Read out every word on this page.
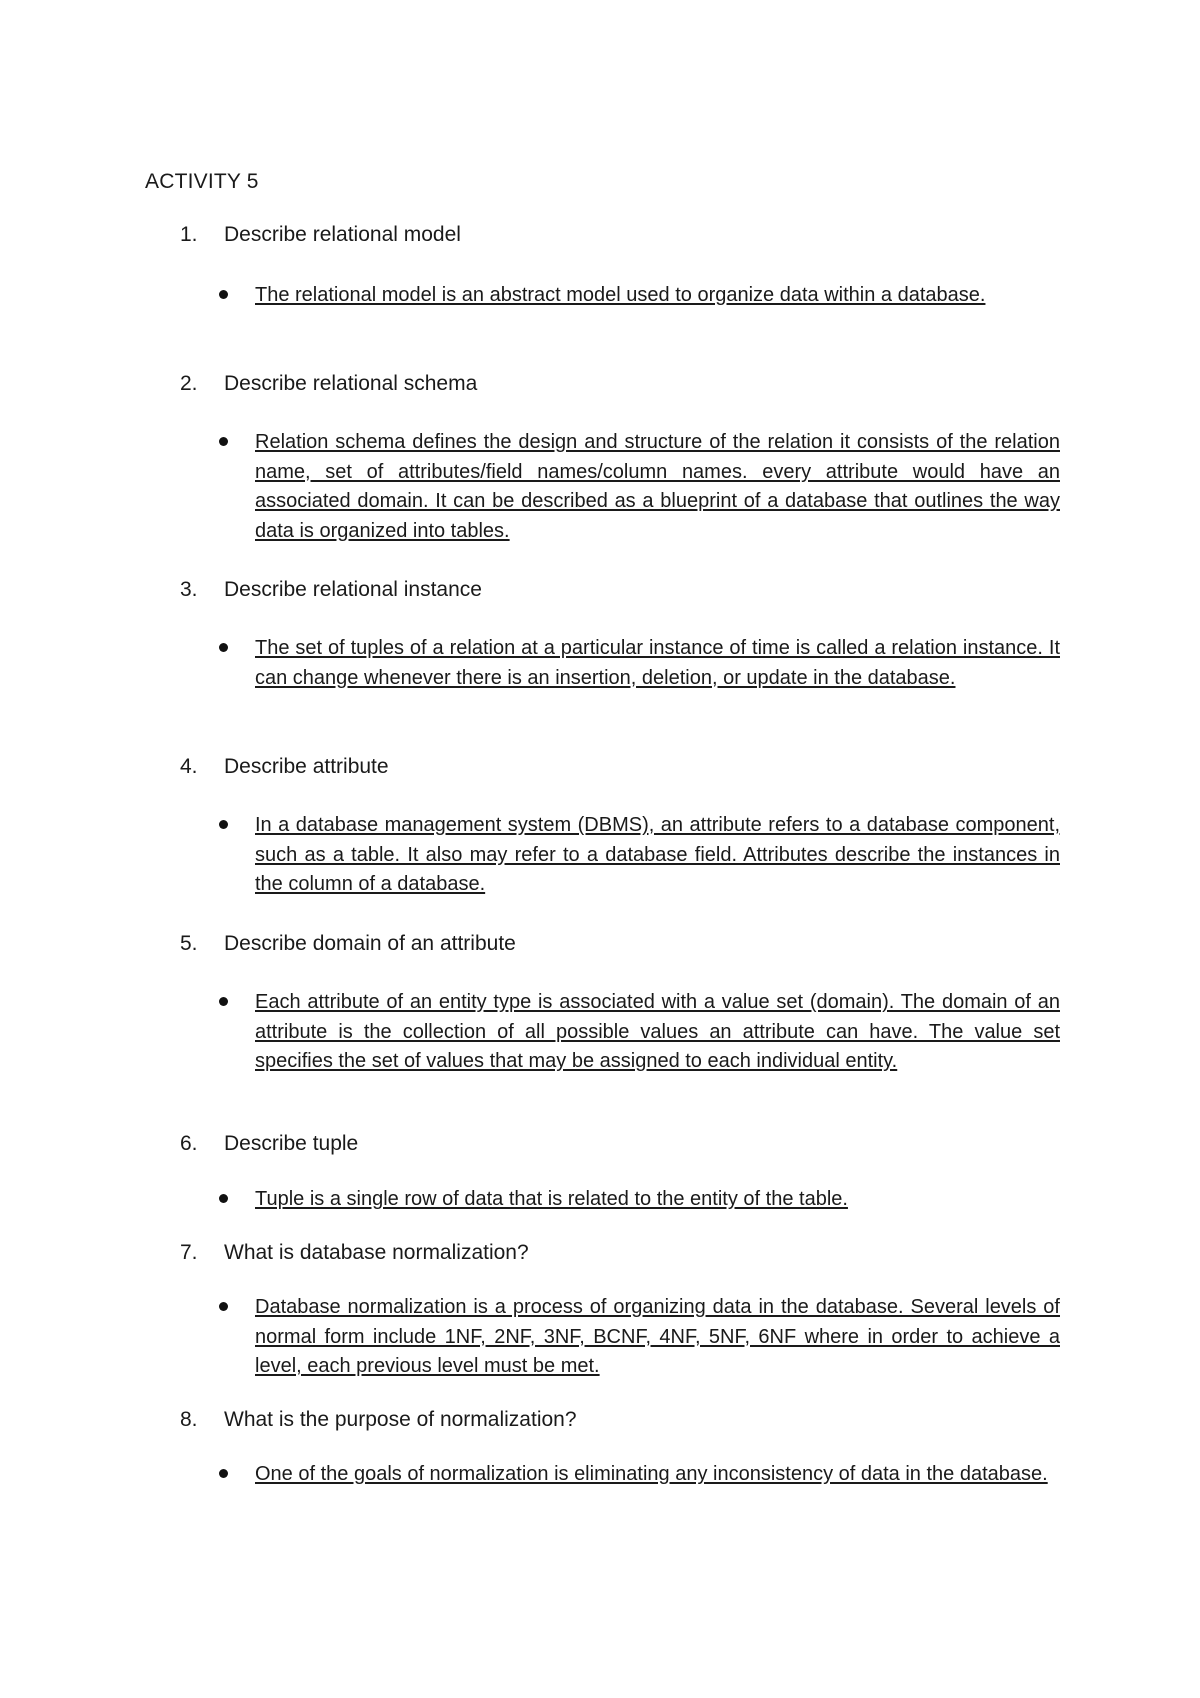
ACTIVITY 5
1.	Describe relational model
The relational model is an abstract model used to organize data within a database.
2.	Describe relational schema
Relation schema defines the design and structure of the relation it consists of the relation name, set of attributes/field names/column names. every attribute would have an associated domain. It can be described as a blueprint of a database that outlines the way data is organized into tables.
3.	Describe relational instance
The set of tuples of a relation at a particular instance of time is called a relation instance. It can change whenever there is an insertion, deletion, or update in the database.
4.	Describe attribute
In a database management system (DBMS), an attribute refers to a database component, such as a table. It also may refer to a database field. Attributes describe the instances in the column of a database.
5.	Describe domain of an attribute
Each attribute of an entity type is associated with a value set (domain). The domain of an attribute is the collection of all possible values an attribute can have. The value set specifies the set of values that may be assigned to each individual entity.
6.	Describe tuple
Tuple is a single row of data that is related to the entity of the table.
7.	What is database normalization?
Database normalization is a process of organizing data in the database. Several levels of normal form include 1NF, 2NF, 3NF, BCNF, 4NF, 5NF, 6NF where in order to achieve a level, each previous level must be met.
8.	What is the purpose of normalization?
One of the goals of normalization is eliminating any inconsistency of data in the database.
